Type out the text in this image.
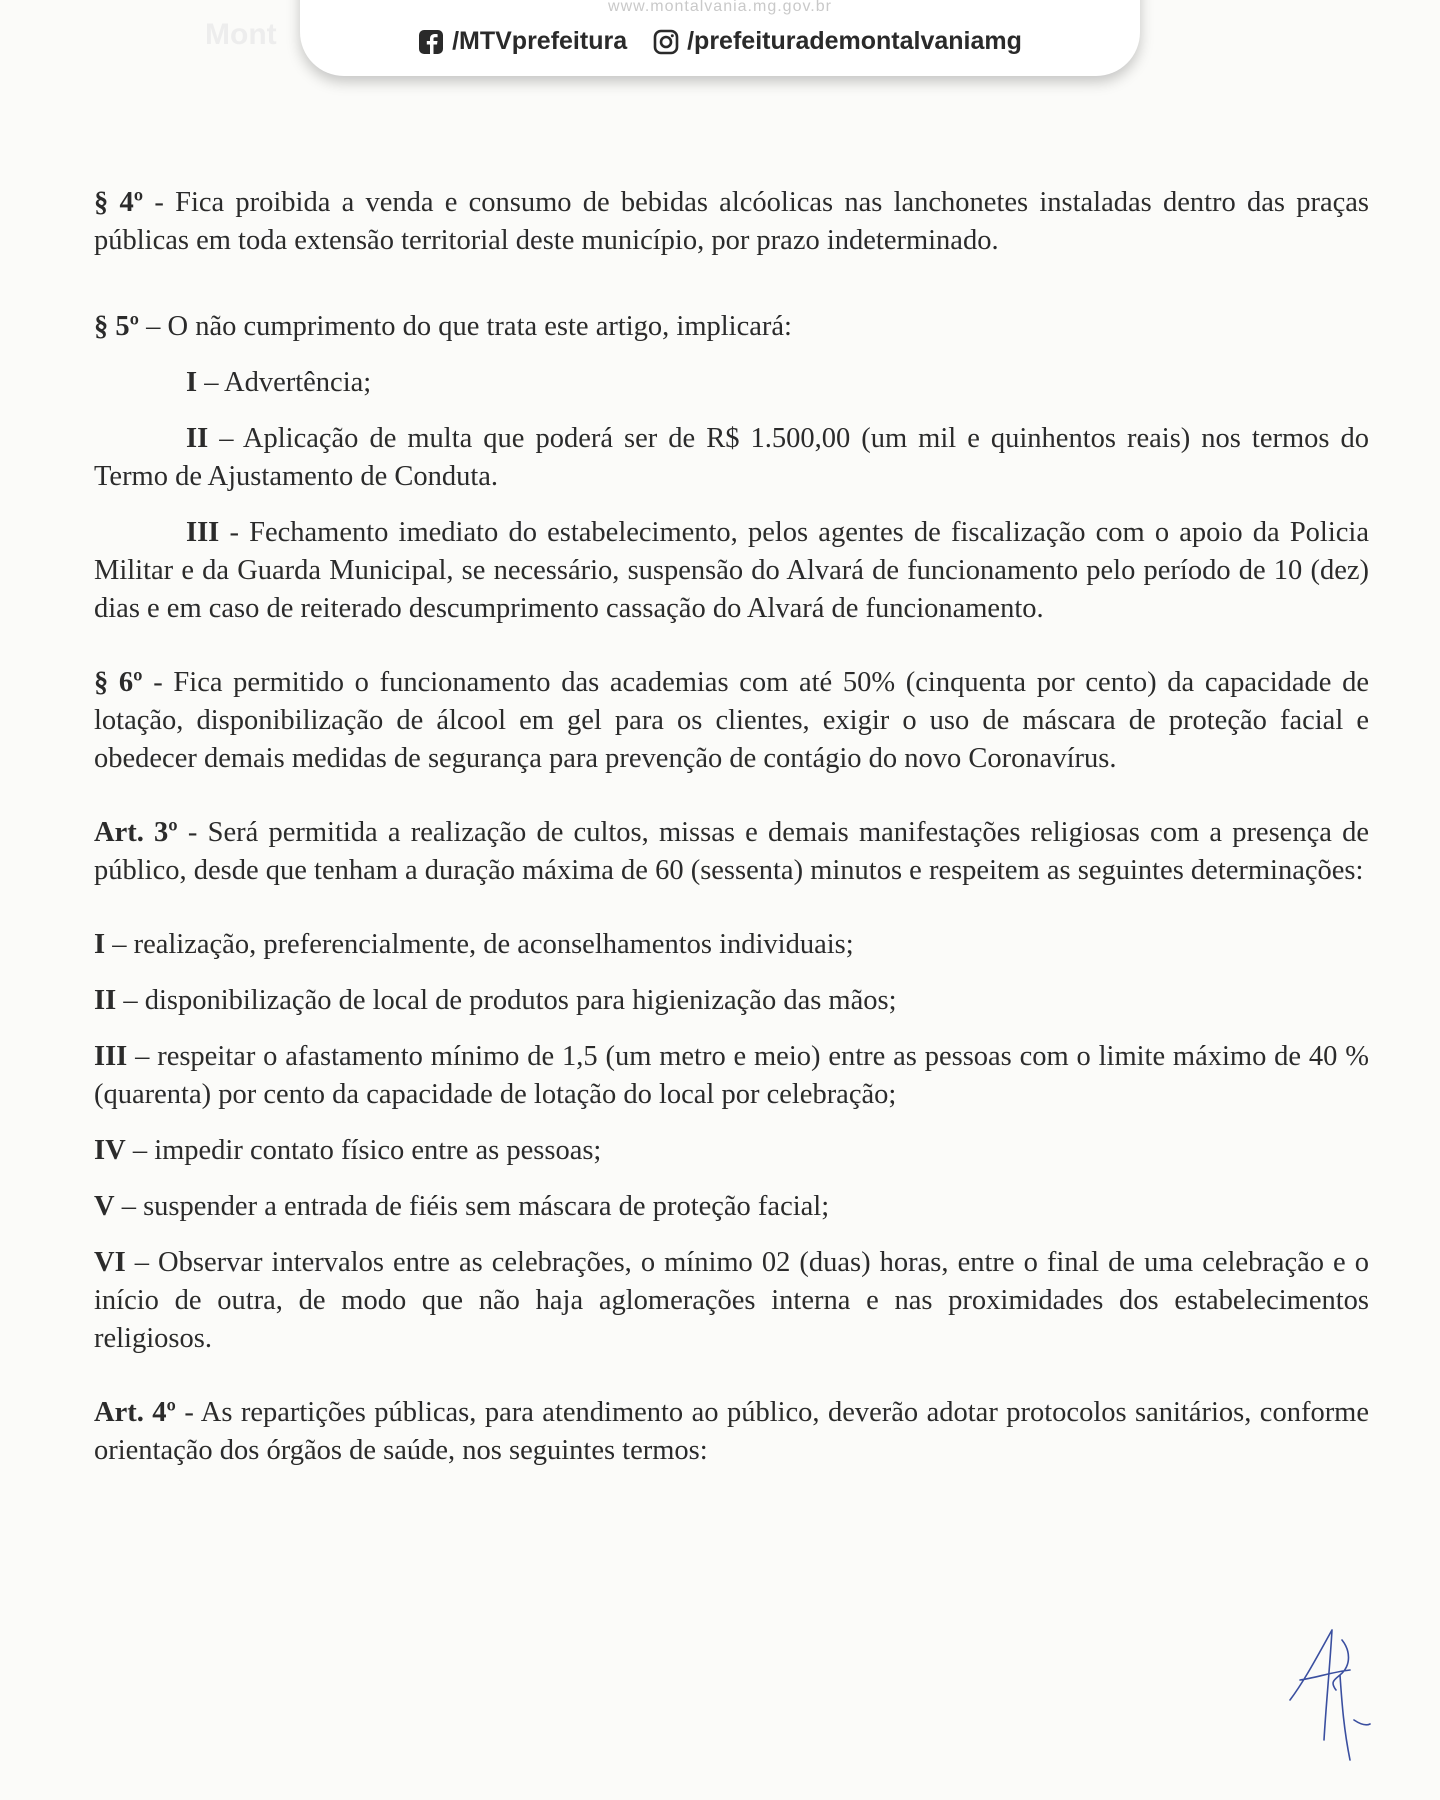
Mont
www.montalvania.mg.gov.br
/MTVprefeitura /prefeiturademontalvaniamg

§ 4º - Fica proibida a venda e consumo de bebidas alcóolicas nas lanchonetes instaladas dentro das praças públicas em toda extensão territorial deste município, por prazo indeterminado.

§ 5º – O não cumprimento do que trata este artigo, implicará:

I – Advertência;

II – Aplicação de multa que poderá ser de R$ 1.500,00 (um mil e quinhentos reais) nos termos do Termo de Ajustamento de Conduta.

III - Fechamento imediato do estabelecimento, pelos agentes de fiscalização com o apoio da Policia Militar e da Guarda Municipal, se necessário, suspensão do Alvará de funcionamento pelo período de 10 (dez) dias e em caso de reiterado descumprimento cassação do Alvará de funcionamento.

§ 6º - Fica permitido o funcionamento das academias com até 50% (cinquenta por cento) da capacidade de lotação, disponibilização de álcool em gel para os clientes, exigir o uso de máscara de proteção facial e obedecer demais medidas de segurança para prevenção de contágio do novo Coronavírus.

Art. 3º - Será permitida a realização de cultos, missas e demais manifestações religiosas com a presença de público, desde que tenham a duração máxima de 60 (sessenta) minutos e respeitem as seguintes determinações:

I – realização, preferencialmente, de aconselhamentos individuais;

II – disponibilização de local de produtos para higienização das mãos;

III – respeitar o afastamento mínimo de 1,5 (um metro e meio) entre as pessoas com o limite máximo de 40 % (quarenta) por cento da capacidade de lotação do local por celebração;

IV – impedir contato físico entre as pessoas;

V – suspender a entrada de fiéis sem máscara de proteção facial;

VI – Observar intervalos entre as celebrações, o mínimo 02 (duas) horas, entre o final de uma celebração e o início de outra, de modo que não haja aglomerações interna e nas proximidades dos estabelecimentos religiosos.

Art. 4º - As repartições públicas, para atendimento ao público, deverão adotar protocolos sanitários, conforme orientação dos órgãos de saúde, nos seguintes termos:
